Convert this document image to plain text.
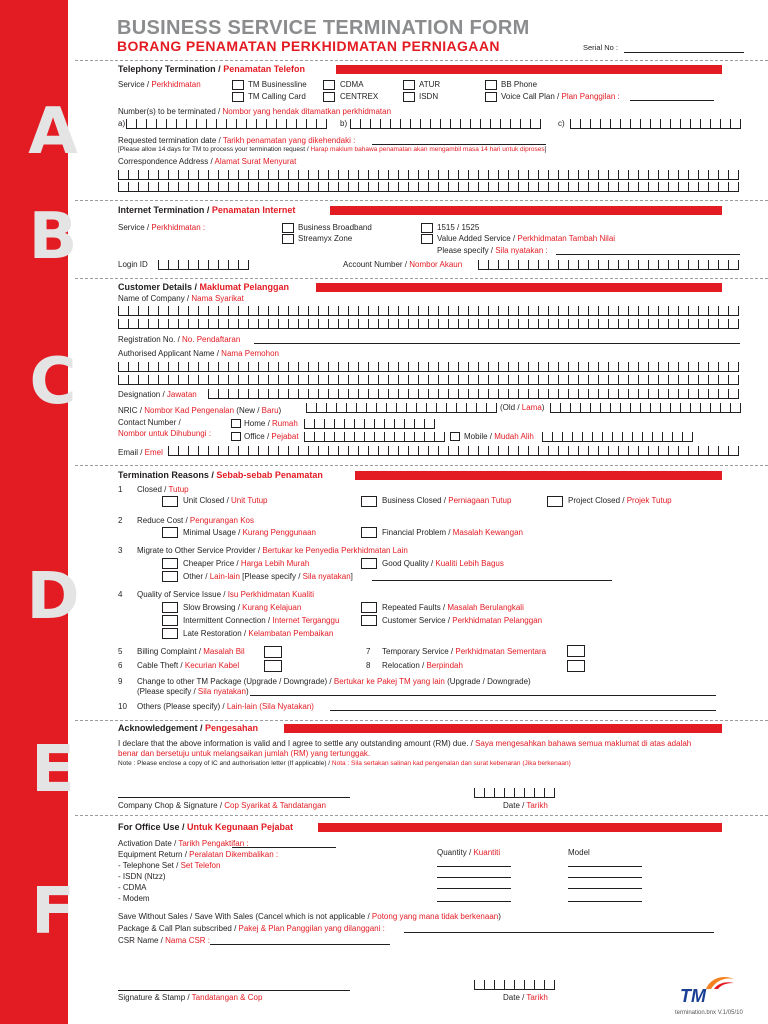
A
B
C
D
E
F
BUSINESS SERVICE TERMINATION FORM
BORANG PENAMATAN PERKHIDMATAN PERNIAGAAN	Serial No :
Telephony Termination / Penamatan Telefon
Service / Perkhidmatan	TM Businessline
TM Calling Card
CDMA
CENTREX
ATUR
ISDN
BB Phone
Voice Call Plan / Plan Panggilan :
Number(s) to be terminated / Nombor yang hendak ditamatkan perkhidmatan
a)	b)	c)
Requested termination date / Tarikh penamatan yang dikehendaki :
[Please allow 14 days for TM to process your termination request / Harap maklum bahawa penamatan akan mengambil masa 14 hari untuk diproses]
Correspondence Address / Alamat Surat Menyurat
Internet Termination / Penamatan Internet
Service / Perkhidmatan :	Business Broadband
Streamyx Zone
1515 / 1525
Value Added Service / Perkhidmatan Tambah Nilai
Please specify / Sila nyatakan :
Login ID	Account Number / Nombor Akaun
Customer Details / Maklumat Pelanggan
Name of Company / Nama Syarikat
Registration No. / No. Pendaftaran
Authorised Applicant Name / Nama Pemohon
Designation / Jawatan
NRIC / Nombor Kad Pengenalan (New / Baru)	(Old / Lama)
Contact Number /
Nombor untuk Dihubungi :
Home / Rumah
Office / Pejabat	Mobile / Mudah Alih
Email / Emel
Termination Reasons / Sebab-sebab Penamatan
1 Closed / Tutup
Unit Closed / Unit Tutup	Business Closed / Perniagaan Tutup	Project Closed / Projek Tutup
2 Reduce Cost / Pengurangan Kos
Minimal Usage / Kurang Penggunaan	Financial Problem / Masalah Kewangan
3 Migrate to Other Service Provider / Bertukar ke Penyedia Perkhidmatan Lain
Cheaper Price / Harga Lebih Murah	Good Quality / Kualiti Lebih Bagus
Other / Lain-lain [Please specify / Sila nyatakan]
4 Quality of Service Issue / Isu Perkhidmatan Kualiti
Slow Browsing / Kurang Kelajuan	Repeated Faults / Masalah Berulangkali
Intermittent Connection / Internet Terganggu	Customer Service / Perkhidmatan Pelanggan
Late Restoration / Kelambatan Pembaikan
5 Billing Complaint / Masalah Bil
6 Cable Theft / Kecurian Kabel
7 Temporary Service / Perkhidmatan Sementara
8 Relocation / Berpindah
9 Change to other TM Package (Upgrade / Downgrade) / Bertukar ke Pakej TM yang lain (Upgrade / Downgrade)
(Please specify / Sila nyatakan)
10 Others (Please specify) / Lain-lain (Sila Nyatakan)
Acknowledgement / Pengesahan
I declare that the above information is valid and I agree to settle any outstanding amount (RM) due. / Saya mengesahkan bahawa semua maklumat di atas adalah
benar dan bersetuju untuk melangsaikan jumlah (RM) yang tertunggak.
Note : Please enclose a copy of IC and authorisation letter (If applicable) / Nota : Sila sertakan salinan kad pengenalan dan surat kebenaran (Jika berkenaan)
Company Chop & Signature / Cop Syarikat & Tandatangan	Date / Tarikh
For Office Use / Untuk Kegunaan Pejabat
Activation Date / Tarikh Pengaktifan :
Equipment Return / Peralatan Dikembalikan :	Quantity / Kuantiti	Model
- Telephone Set / Set Telefon
- ISDN (Ntzz)
- CDMA
- Modem
Save Without Sales / Save With Sales (Cancel which is not applicable / Potong yang mana tidak berkenaan)
Package & Call Plan subscribed / Pakej & Plan Panggilan yang dilanggani :
CSR Name / Nama CSR :
Signature & Stamp / Tandatangan & Cop	Date / Tarikh	TM
termination.bnx V.1/05/10
